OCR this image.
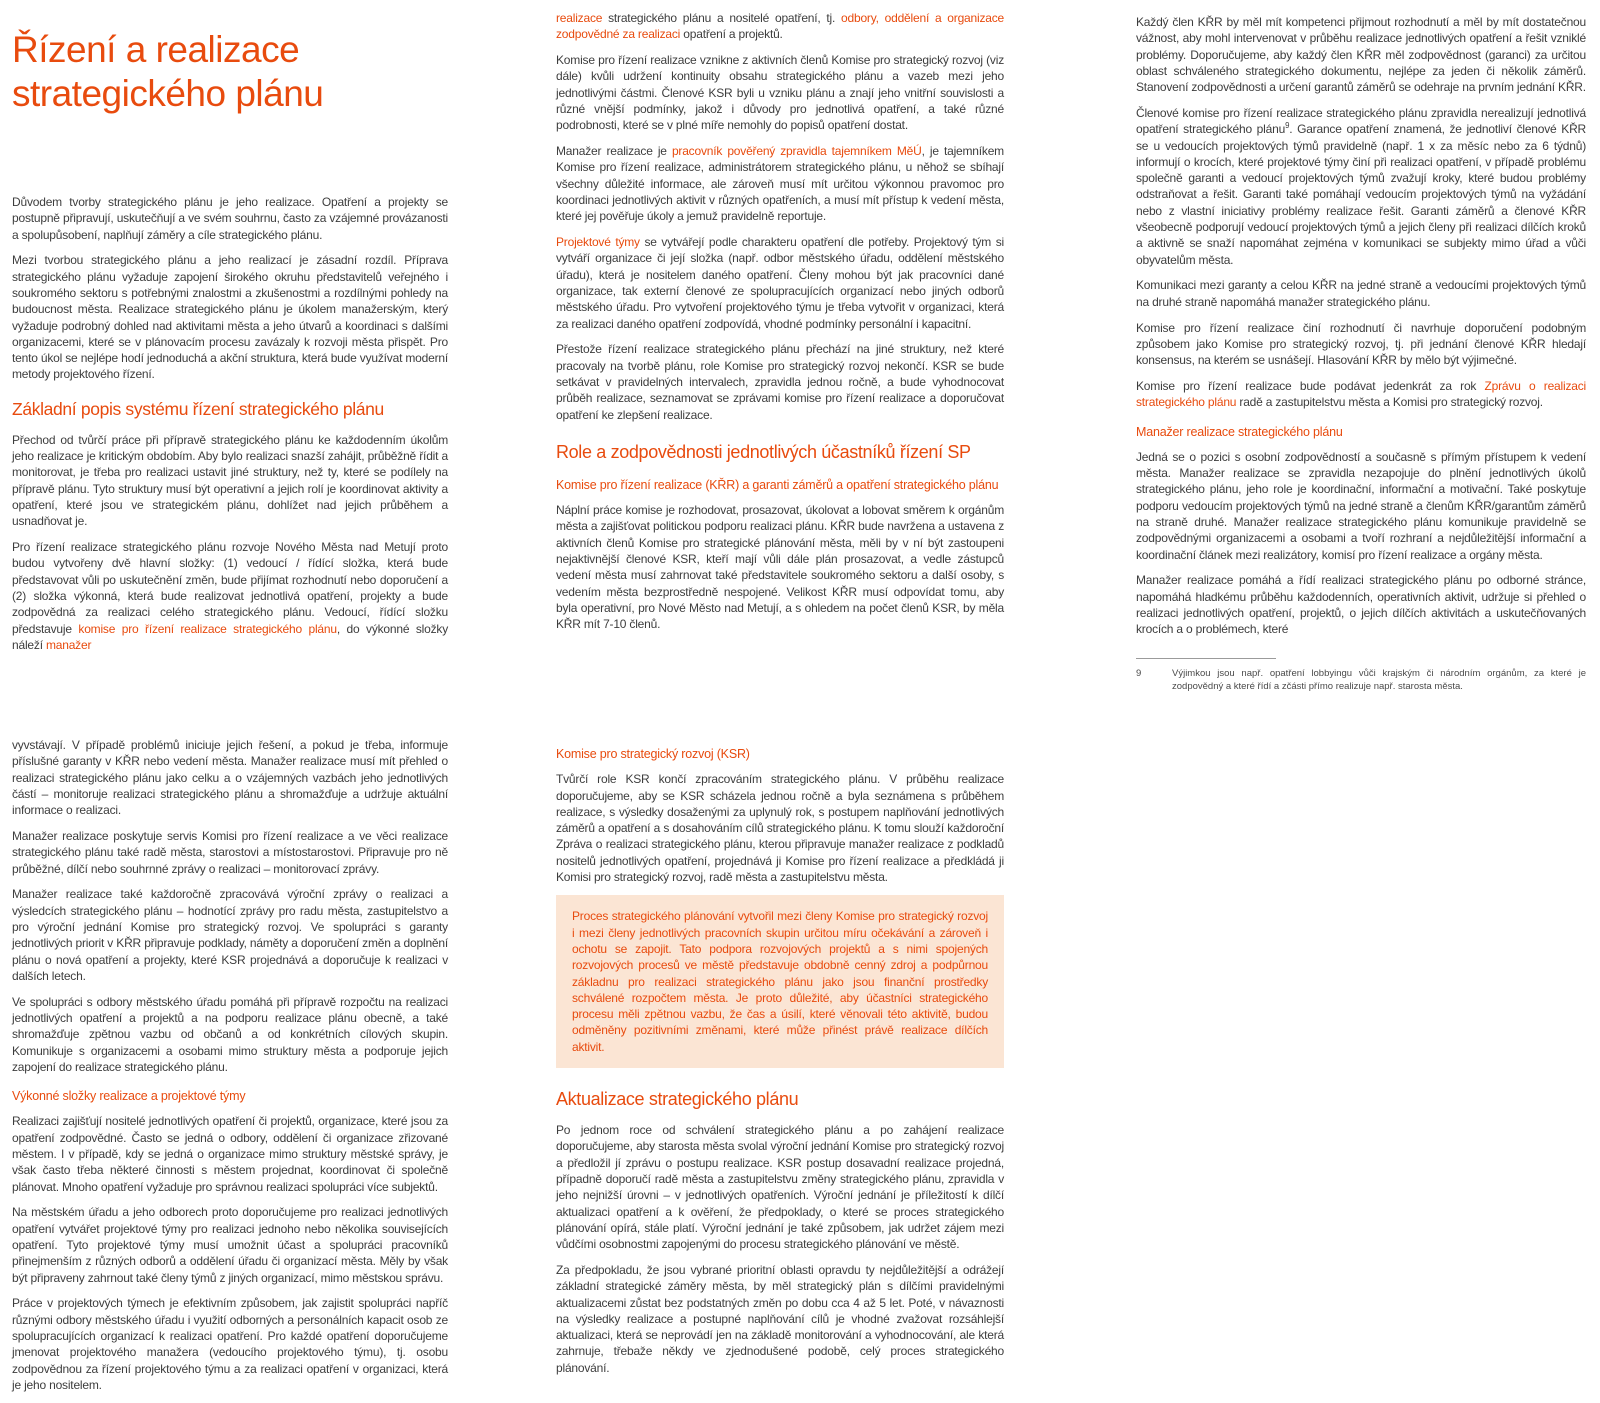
Řízení a realizace strategického plánu

Důvodem tvorby strategického plánu je jeho realizace. Opatření a projekty se postupně připravují, uskutečňují a ve svém souhrnu, často za vzájemné provázanosti a spolupůsobení, naplňují záměry a cíle strategického plánu.

Mezi tvorbou strategického plánu a jeho realizací je zásadní rozdíl. Příprava strategického plánu vyžaduje zapojení širokého okruhu představitelů veřejného i soukromého sektoru s potřebnými znalostmi a zkušenostmi a rozdílnými pohledy na budoucnost města. Realizace strategického plánu je úkolem manažerským, který vyžaduje podrobný dohled nad aktivitami města a jeho útvarů a koordinaci s dalšími organizacemi, které se v plánovacím procesu zavázaly k rozvoji města přispět. Pro tento úkol se nejlépe hodí jednoduchá a akční struktura, která bude využívat moderní metody projektového řízení.

Základní popis systému řízení strategického plánu

Přechod od tvůrčí práce při přípravě strategického plánu ke každodenním úkolům jeho realizace je kritickým obdobím. Aby bylo realizaci snazší zahájit, průběžně řídit a monitorovat, je třeba pro realizaci ustavit jiné struktury, než ty, které se podílely na přípravě plánu. Tyto struktury musí být operativní a jejich rolí je koordinovat aktivity a opatření, které jsou ve strategickém plánu, dohlížet nad jejich průběhem a usnadňovat je.

Pro řízení realizace strategického plánu rozvoje Nového Města nad Metují proto budou vytvořeny dvě hlavní složky: (1) vedoucí / řídící složka, která bude představovat vůli po uskutečnění změn, bude přijímat rozhodnutí nebo doporučení a (2) složka výkonná, která bude realizovat jednotlivá opatření, projekty a bude zodpovědná za realizaci celého strategického plánu. Vedoucí, řídící složku představuje komise pro řízení realizace strategického plánu, do výkonné složky náleží manažer

realizace strategického plánu a nositelé opatření, tj. odbory, oddělení a organizace zodpovědné za realizaci opatření a projektů.

Komise pro řízení realizace vznikne z aktivních členů Komise pro strategický rozvoj (viz dále) kvůli udržení kontinuity obsahu strategického plánu a vazeb mezi jeho jednotlivými částmi. Členové KSR byli u vzniku plánu a znají jeho vnitřní souvislosti a různé vnější podmínky, jakož i důvody pro jednotlivá opatření, a také různé podrobnosti, které se v plné míře nemohly do popisů opatření dostat.

Manažer realizace je pracovník pověřený zpravidla tajemníkem MěÚ, je tajemníkem Komise pro řízení realizace, administrátorem strategického plánu, u něhož se sbíhají všechny důležité informace, ale zároveň musí mít určitou výkonnou pravomoc pro koordinaci jednotlivých aktivit v různých opatřeních, a musí mít přístup k vedení města, které jej pověřuje úkoly a jemuž pravidelně reportuje.

Projektové týmy se vytvářejí podle charakteru opatření dle potřeby. Projektový tým si vytváří organizace či její složka (např. odbor městského úřadu, oddělení městského úřadu), která je nositelem daného opatření. Členy mohou být jak pracovníci dané organizace, tak externí členové ze spolupracujících organizací nebo jiných odborů městského úřadu. Pro vytvoření projektového týmu je třeba vytvořit v organizaci, která za realizaci daného opatření zodpovídá, vhodné podmínky personální i kapacitní.

Přestože řízení realizace strategického plánu přechází na jiné struktury, než které pracovaly na tvorbě plánu, role Komise pro strategický rozvoj nekončí. KSR se bude setkávat v pravidelných intervalech, zpravidla jednou ročně, a bude vyhodnocovat průběh realizace, seznamovat se zprávami komise pro řízení realizace a doporučovat opatření ke zlepšení realizace.

Role a zodpovědnosti jednotlivých účastníků řízení SP
Komise pro řízení realizace (KŘR) a garanti záměrů a opatření strategického plánu

Náplní práce komise je rozhodovat, prosazovat, úkolovat a lobovat směrem k orgánům města a zajišťovat politickou podporu realizaci plánu. KŘR bude navržena a ustavena z aktivních členů Komise pro strategické plánování města, měli by v ní být zastoupeni nejaktivnější členové KSR, kteří mají vůli dále plán prosazovat, a vedle zástupců vedení města musí zahrnovat také představitele soukromého sektoru a další osoby, s vedením města bezprostředně nespojené. Velikost KŘR musí odpovídat tomu, aby byla operativní, pro Nové Město nad Metují, a s ohledem na počet členů KSR, by měla KŘR mít 7-10 členů.

Každý člen KŘR by měl mít kompetenci přijmout rozhodnutí a měl by mít dostatečnou vážnost, aby mohl intervenovat v průběhu realizace jednotlivých opatření a řešit vzniklé problémy. Doporučujeme, aby každý člen KŘR měl zodpovědnost (garanci) za určitou oblast schváleného strategického dokumentu, nejlépe za jeden či několik záměrů. Stanovení zodpovědnosti a určení garantů záměrů se odehraje na prvním jednání KŘR.

Členové komise pro řízení realizace strategického plánu zpravidla nerealizují jednotlivá opatření strategického plánu$^9$. Garance opatření znamená, že jednotliví členové KŘR se u vedoucích projektových týmů pravidelně (např. 1 x za měsíc nebo za 6 týdnů) informují o krocích, které projektové týmy činí při realizaci opatření, v případě problému společně garanti a vedoucí projektových týmů zvažují kroky, které budou problémy odstraňovat a řešit. Garanti také pomáhají vedoucím projektových týmů na vyžádání nebo z vlastní iniciativy problémy realizace řešit. Garanti záměrů a členové KŘR všeobecně podporují vedoucí projektových týmů a jejich členy při realizaci dílčích kroků a aktivně se snaží napomáhat zejména v komunikaci se subjekty mimo úřad a vůči obyvatelům města.

Komunikaci mezi garanty a celou KŘR na jedné straně a vedoucími projektových týmů na druhé straně napomáhá manažer strategického plánu.

Komise pro řízení realizace činí rozhodnutí či navrhuje doporučení podobným způsobem jako Komise pro strategický rozvoj, tj. při jednání členové KŘR hledají konsensus, na kterém se usnášejí. Hlasování KŘR by mělo být výjimečné.

Komise pro řízení realizace bude podávat jedenkrát za rok Zprávu o realizaci strategického plánu radě a zastupitelstvu města a Komisi pro strategický rozvoj.

Manažer realizace strategického plánu

Jedná se o pozici s osobní zodpovědností a současně s přímým přístupem k vedení města. Manažer realizace se zpravidla nezapojuje do plnění jednotlivých úkolů strategického plánu, jeho role je koordinační, informační a motivační. Také poskytuje podporu vedoucím projektových týmů na jedné straně a členům KŘR/garantům záměrů na straně druhé. Manažer realizace strategického plánu komunikuje pravidelně se zodpovědnými organizacemi a osobami a tvoří rozhraní a nejdůležitější informační a koordinační článek mezi realizátory, komisí pro řízení realizace a orgány města.

Manažer realizace pomáhá a řídí realizaci strategického plánu po odborné stránce, napomáhá hladkému průběhu každodenních, operativních aktivit, udržuje si přehled o realizaci jednotlivých opatření, projektů, o jejich dílčích aktivitách a uskutečňovaných krocích a o problémech, které

9	Výjimkou jsou např. opatření lobbyingu vůči krajským či národním orgánům, za které je zodpovědný a které řídí a zčásti přímo realizuje např. starosta města.

vyvstávají. V případě problémů iniciuje jejich řešení, a pokud je třeba, informuje příslušné garanty v KŘR nebo vedení města. Manažer realizace musí mít přehled o realizaci strategického plánu jako celku a o vzájemných vazbách jeho jednotlivých částí – monitoruje realizaci strategického plánu a shromažďuje a udržuje aktuální informace o realizaci.

Manažer realizace poskytuje servis Komisi pro řízení realizace a ve věci realizace strategického plánu také radě města, starostovi a místostarostovi. Připravuje pro ně průběžné, dílčí nebo souhrnné zprávy o realizaci – monitorovací zprávy.

Manažer realizace také každoročně zpracovává výroční zprávy o realizaci a výsledcích strategického plánu – hodnotící zprávy pro radu města, zastupitelstvo a pro výroční jednání Komise pro strategický rozvoj. Ve spolupráci s garanty jednotlivých priorit v KŘR připravuje podklady, náměty a doporučení změn a doplnění plánu o nová opatření a projekty, které KSR projednává a doporučuje k realizaci v dalších letech.

Ve spolupráci s odbory městského úřadu pomáhá při přípravě rozpočtu na realizaci jednotlivých opatření a projektů a na podporu realizace plánu obecně, a také shromažďuje zpětnou vazbu od občanů a od konkrétních cílových skupin. Komunikuje s organizacemi a osobami mimo struktury města a podporuje jejich zapojení do realizace strategického plánu.

Výkonné složky realizace a projektové týmy

Realizaci zajišťují nositelé jednotlivých opatření či projektů, organizace, které jsou za opatření zodpovědné. Často se jedná o odbory, oddělení či organizace zřizované městem. I v případě, kdy se jedná o organizace mimo struktury městské správy, je však často třeba některé činnosti s městem projednat, koordinovat či společně plánovat. Mnoho opatření vyžaduje pro správnou realizaci spolupráci více subjektů.

Na městském úřadu a jeho odborech proto doporučujeme pro realizaci jednotlivých opatření vytvářet projektové týmy pro realizaci jednoho nebo několika souvisejících opatření. Tyto projektové týmy musí umožnit účast a spolupráci pracovníků přinejmenším z různých odborů a oddělení úřadu či organizací města. Měly by však být připraveny zahrnout také členy týmů z jiných organizací, mimo městskou správu.

Práce v projektových týmech je efektivním způsobem, jak zajistit spolupráci napříč různými odbory městského úřadu i využití odborných a personálních kapacit osob ze spolupracujících organizací k realizaci opatření. Pro každé opatření doporučujeme jmenovat projektového manažera (vedoucího projektového týmu), tj. osobu zodpovědnou za řízení projektového týmu a za realizaci opatření v organizaci, která je jeho nositelem.

Komise pro strategický rozvoj (KSR)

Tvůrčí role KSR končí zpracováním strategického plánu. V průběhu realizace doporučujeme, aby se KSR scházela jednou ročně a byla seznámena s průběhem realizace, s výsledky dosaženými za uplynulý rok, s postupem naplňování jednotlivých záměrů a opatření a s dosahováním cílů strategického plánu. K tomu slouží každoroční Zpráva o realizaci strategického plánu, kterou připravuje manažer realizace z podkladů nositelů jednotlivých opatření, projednává ji Komise pro řízení realizace a předkládá ji Komisi pro strategický rozvoj, radě města a zastupitelstvu města.

Proces strategického plánování vytvořil mezi členy Komise pro strategický rozvoj i mezi členy jednotlivých pracovních skupin určitou míru očekávání a zároveň i ochotu se zapojit. Tato podpora rozvojových projektů a s nimi spojených rozvojových procesů ve městě představuje obdobně cenný zdroj a podpůrnou základnu pro realizaci strategického plánu jako jsou finanční prostředky schválené rozpočtem města. Je proto důležité, aby účastníci strategického procesu měli zpětnou vazbu, že čas a úsilí, které věnovali této aktivitě, budou odměněny pozitivními změnami, které může přinést právě realizace dílčích aktivit.
Aktualizace strategického plánu

Po jednom roce od schválení strategického plánu a po zahájení realizace doporučujeme, aby starosta města svolal výroční jednání Komise pro strategický rozvoj a předložil jí zprávu o postupu realizace. KSR postup dosavadní realizace projedná, případně doporučí radě města a zastupitelstvu změny strategického plánu, zpravidla v jeho nejnižší úrovni – v jednotlivých opatřeních. Výroční jednání je příležitostí k dílčí aktualizaci opatření a k ověření, že předpoklady, o které se proces strategického plánování opírá, stále platí. Výroční jednání je také způsobem, jak udržet zájem mezi vůdčími osobnostmi zapojenými do procesu strategického plánování ve městě.

Za předpokladu, že jsou vybrané prioritní oblasti opravdu ty nejdůležitější a odrážejí základní strategické záměry města, by měl strategický plán s dílčími pravidelnými aktualizacemi zůstat bez podstatných změn po dobu cca 4 až 5 let. Poté, v návaznosti na výsledky realizace a postupné naplňování cílů je vhodné zvažovat rozsáhlejší aktualizaci, která se neprovádí jen na základě monitorování a vyhodnocování, ale která zahrnuje, třebaže někdy ve zjednodušené podobě, celý proces strategického plánování.
